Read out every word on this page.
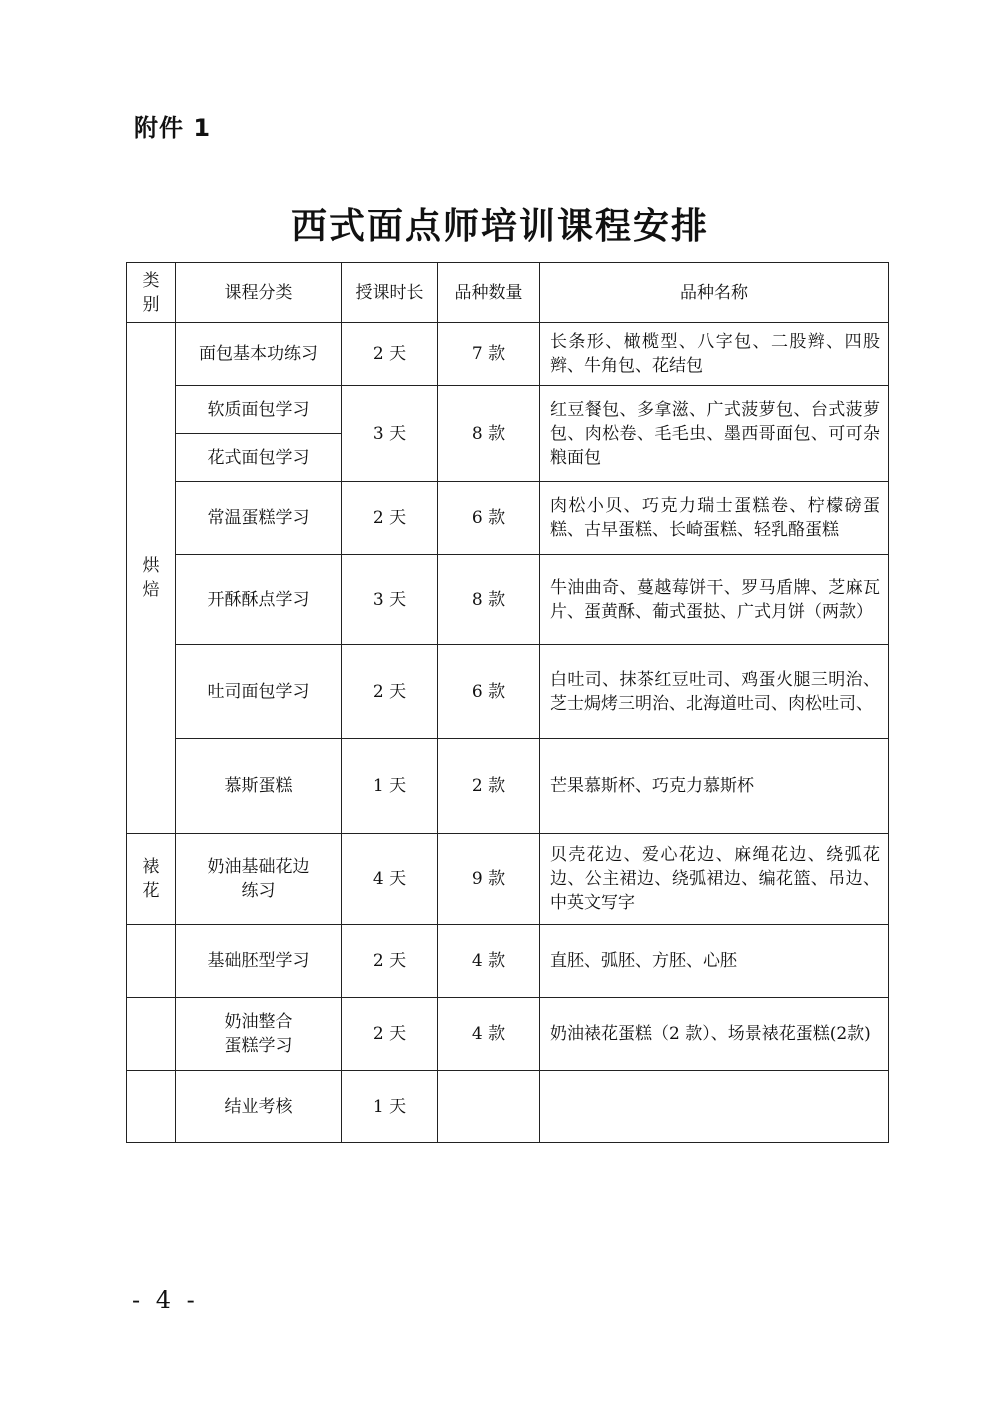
附件 1
西式面点师培训课程安排
类别	课程分类	授课时长	品种数量	品种名称
烘焙	面包基本功练习	2 天	7 款	长条形、橄榄型、八字包、二股辫、四股辫、牛角包、花结包
	软质面包学习	3 天	8 款	红豆餐包、多拿滋、广式菠萝包、台式菠萝包、肉松卷、毛毛虫、墨西哥面包、可可杂粮面包
	花式面包学习			
	常温蛋糕学习	2 天	6 款	肉松小贝、巧克力瑞士蛋糕卷、柠檬磅蛋糕、古早蛋糕、长崎蛋糕、轻乳酪蛋糕
	开酥酥点学习	3 天	8 款	牛油曲奇、蔓越莓饼干、罗马盾牌、芝麻瓦片、蛋黄酥、葡式蛋挞、广式月饼（两款）
	吐司面包学习	2 天	6 款	白吐司、抹茶红豆吐司、鸡蛋火腿三明治、芝士焗烤三明治、北海道吐司、肉松吐司、
	慕斯蛋糕	1 天	2 款	芒果慕斯杯、巧克力慕斯杯
裱花	奶油基础花边练习	4 天	9 款	贝壳花边、爱心花边、麻绳花边、绕弧花边、公主裙边、绕弧裙边、编花篮、吊边、中英文写字
	基础胚型学习	2 天	4 款	直胚、弧胚、方胚、心胚
	奶油整合蛋糕学习	2 天	4 款	奶油裱花蛋糕（2 款）、场景裱花蛋糕(2款)
	结业考核	1 天		
- 4 -
